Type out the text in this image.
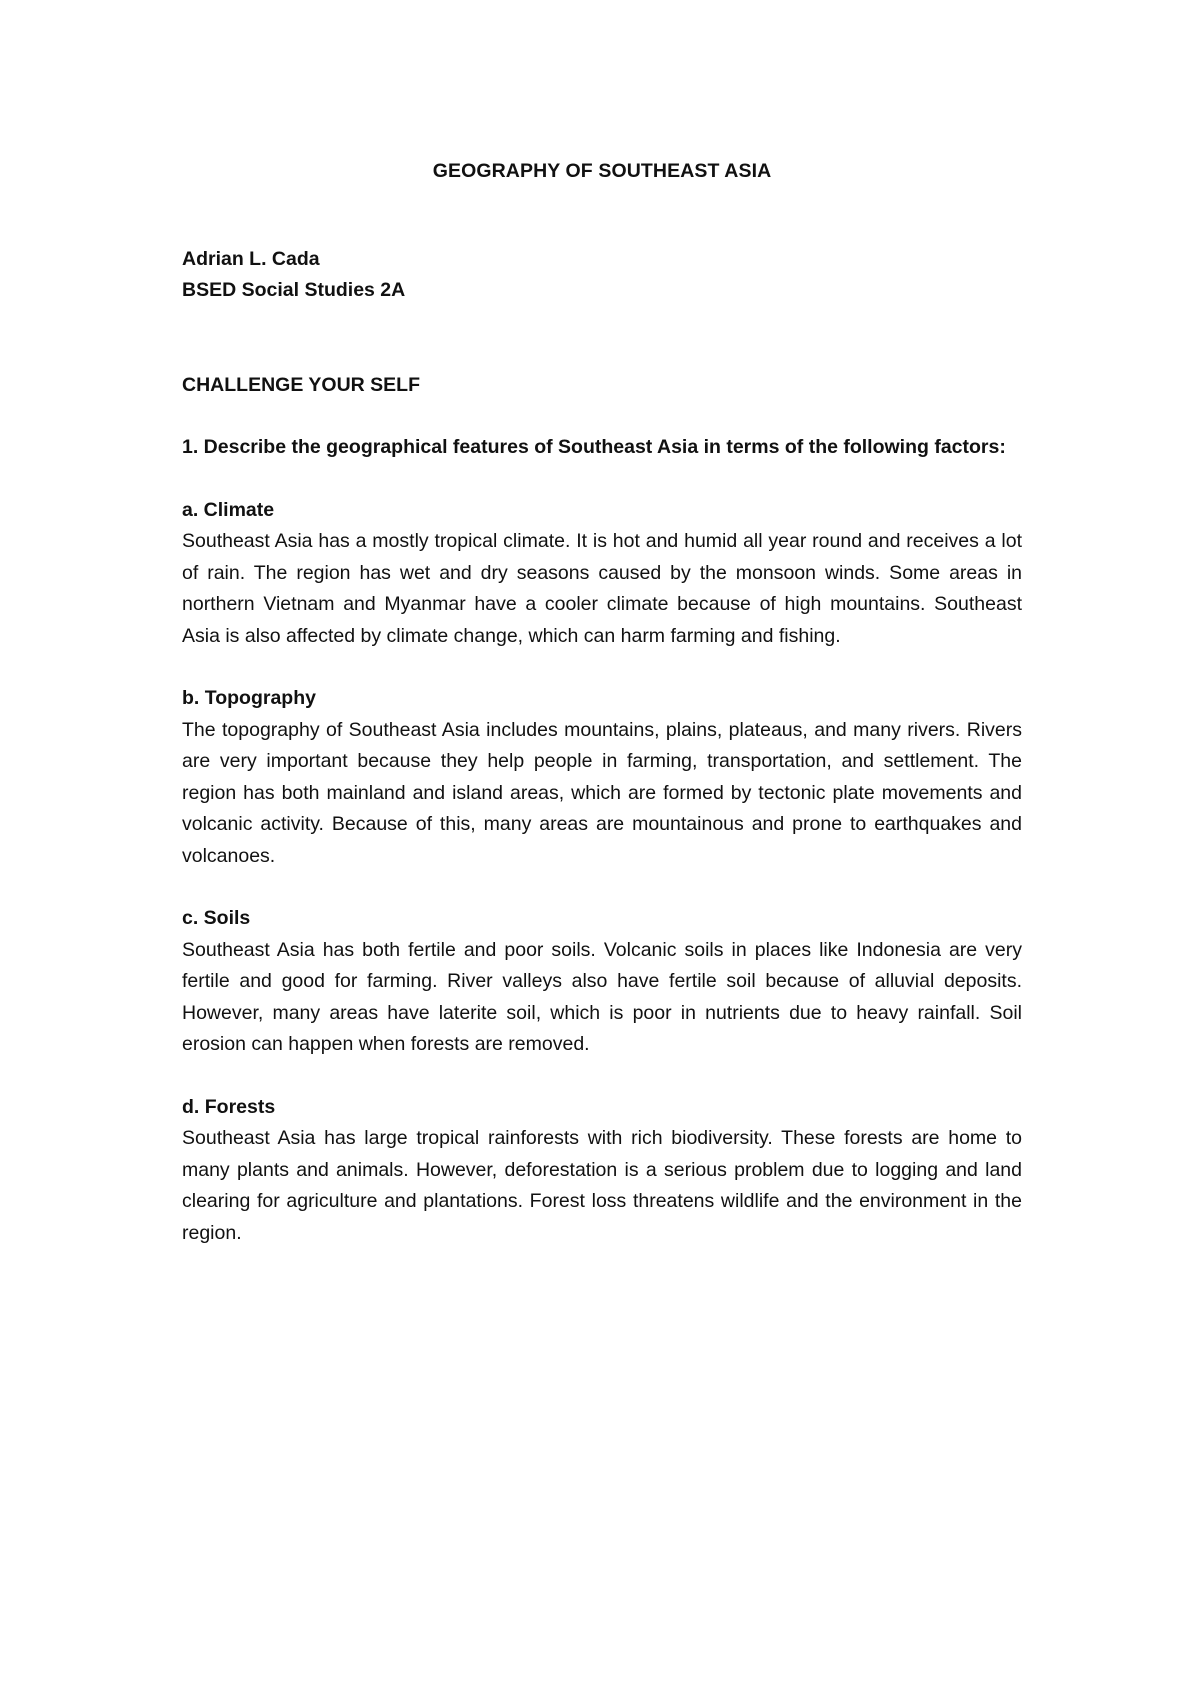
GEOGRAPHY OF SOUTHEAST ASIA

Adrian L. Cada

BSED Social Studies 2A

CHALLENGE YOUR SELF

1. Describe the geographical features of Southeast Asia in terms of the following factors:

a. Climate

Southeast Asia has a mostly tropical climate. It is hot and humid all year round and receives a lot of rain. The region has wet and dry seasons caused by the monsoon winds. Some areas in northern Vietnam and Myanmar have a cooler climate because of high mountains. Southeast Asia is also affected by climate change, which can harm farming and fishing.

b. Topography

The topography of Southeast Asia includes mountains, plains, plateaus, and many rivers. Rivers are very important because they help people in farming, transportation, and settlement. The region has both mainland and island areas, which are formed by tectonic plate movements and volcanic activity. Because of this, many areas are mountainous and prone to earthquakes and volcanoes.

c. Soils

Southeast Asia has both fertile and poor soils. Volcanic soils in places like Indonesia are very fertile and good for farming. River valleys also have fertile soil because of alluvial deposits. However, many areas have laterite soil, which is poor in nutrients due to heavy rainfall. Soil erosion can happen when forests are removed.

d. Forests

Southeast Asia has large tropical rainforests with rich biodiversity. These forests are home to many plants and animals. However, deforestation is a serious problem due to logging and land clearing for agriculture and plantations. Forest loss threatens wildlife and the environment in the region.
